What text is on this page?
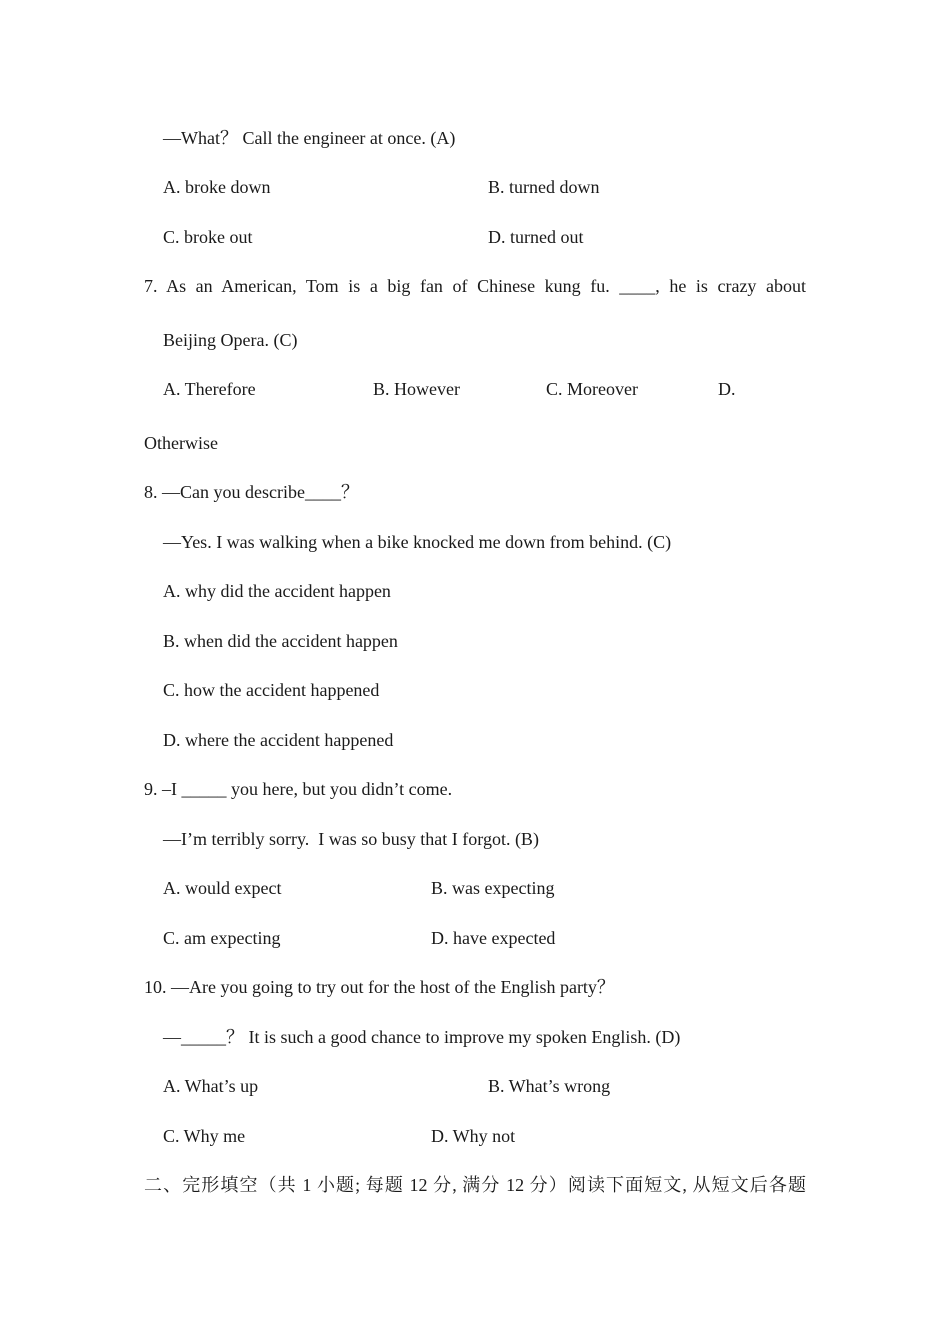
—What？ Call the engineer at once. (A)
A. broke down	B. turned down
C. broke out	D. turned out
7. As an American, Tom is a big fan of Chinese kung fu. ____, he is crazy about
Beijing Opera. (C)
A. Therefore	B. However	C. Moreover	D.
Otherwise
8. —Can you describe____？
—Yes. I was walking when a bike knocked me down from behind. (C)
A. why did the accident happen
B. when did the accident happen
C. how the accident happened
D. where the accident happened
9. –I _____ you here, but you didn’t come.
—I’m terribly sorry.  I was so busy that I forgot. (B)
A. would expect	B. was expecting
C. am expecting	D. have expected
10. —Are you going to try out for the host of the English party？
—_____？ It is such a good chance to improve my spoken English. (D)
A. What’s up	B. What’s wrong
C. Why me	D. Why not
二、完形填空（共 1 小题; 每题 12 分, 满分 12 分）阅读下面短文, 从短文后各题
